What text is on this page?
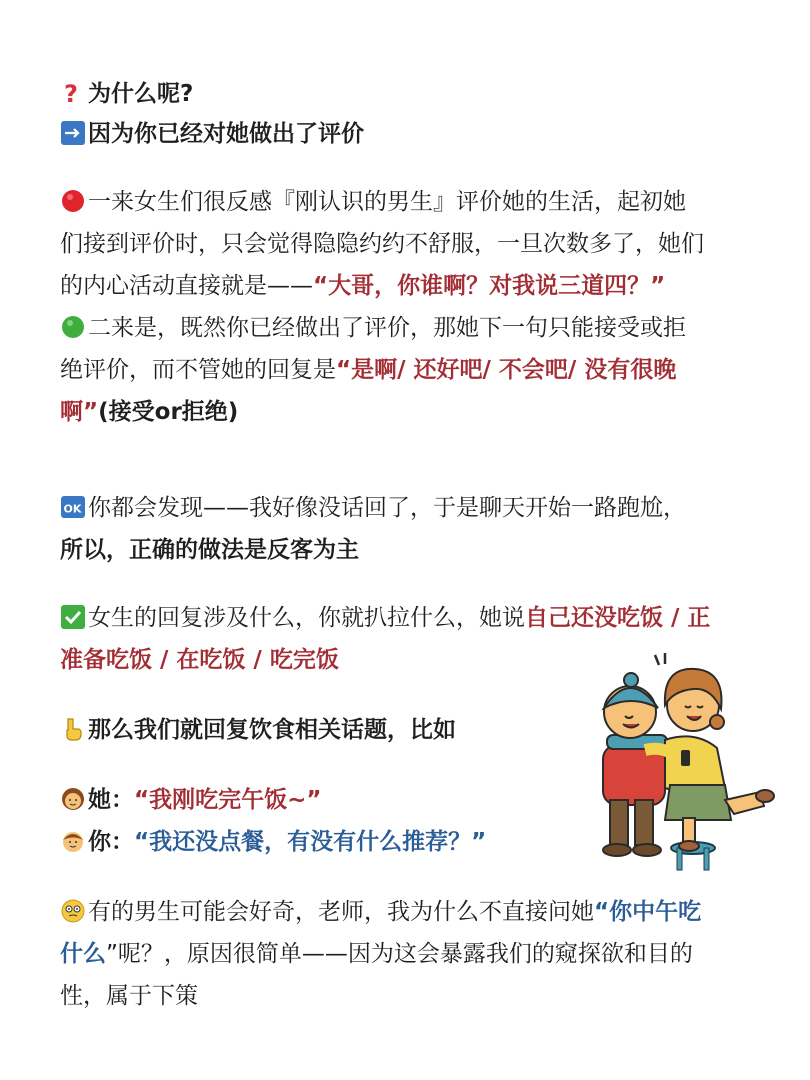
? 为什么呢?
因为你已经对她做出了评价
一来女生们很反感『刚认识的男生』评价她的生活，起初她
们接到评价时，只会觉得隐隐约约不舒服，一旦次数多了，她们
的内心活动直接就是——“大哥，你谁啊？对我说三道四？”
二来是，既然你已经做出了评价，那她下一句只能接受或拒
绝评价，而不管她的回复是“是啊/ 还好吧/ 不会吧/ 没有很晚
啊”(接受or拒绝)
OK 你都会发现——我好像没话回了，于是聊天开始一路跑尬，
所以，正确的做法是反客为主
女生的回复涉及什么，你就扒拉什么，她说自己还没吃饭 / 正
准备吃饭 / 在吃饭 / 吃完饭
那么我们就回复饮食相关话题，比如
她：“我刚吃完午饭~”
你：“我还没点餐，有没有什么推荐？”
有的男生可能会好奇，老师，我为什么不直接问她“你中午吃
什么”呢？，原因很简单——因为这会暴露我们的窥探欲和目的
性，属于下策
